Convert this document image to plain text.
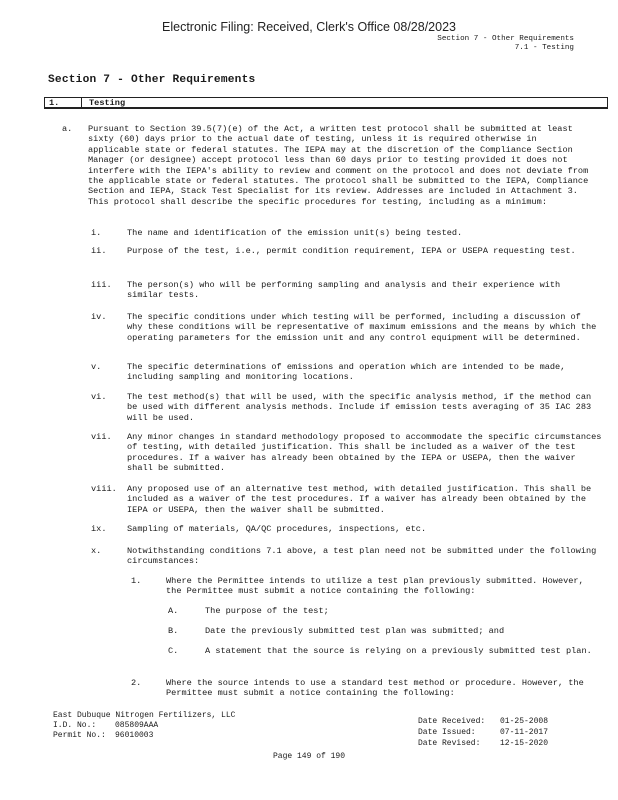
Electronic Filing: Received, Clerk's Office 08/28/2023
Section 7 - Other Requirements
7.1 - Testing
Section 7 - Other Requirements
1.	Testing
a.	Pursuant to Section 39.5(7)(e) of the Act, a written test protocol shall be submitted at least sixty (60) days prior to the actual date of testing, unless it is required otherwise in applicable state or federal statutes. The IEPA may at the discretion of the Compliance Section Manager (or designee) accept protocol less than 60 days prior to testing provided it does not interfere with the IEPA's ability to review and comment on the protocol and does not deviate from the applicable state or federal statutes. The protocol shall be submitted to the IEPA, Compliance Section and IEPA, Stack Test Specialist for its review. Addresses are included in Attachment 3. This protocol shall describe the specific procedures for testing, including as a minimum:
i.	The name and identification of the emission unit(s) being tested.
ii.	Purpose of the test, i.e., permit condition requirement, IEPA or USEPA requesting test.
iii.	The person(s) who will be performing sampling and analysis and their experience with similar tests.
iv.	The specific conditions under which testing will be performed, including a discussion of why these conditions will be representative of maximum emissions and the means by which the operating parameters for the emission unit and any control equipment will be determined.
v.	The specific determinations of emissions and operation which are intended to be made, including sampling and monitoring locations.
vi.	The test method(s) that will be used, with the specific analysis method, if the method can be used with different analysis methods. Include if emission tests averaging of 35 IAC 283 will be used.
vii.	Any minor changes in standard methodology proposed to accommodate the specific circumstances of testing, with detailed justification. This shall be included as a waiver of the test procedures. If a waiver has already been obtained by the IEPA or USEPA, then the waiver shall be submitted.
viii.	Any proposed use of an alternative test method, with detailed justification. This shall be included as a waiver of the test procedures. If a waiver has already been obtained by the IEPA or USEPA, then the waiver shall be submitted.
ix.	Sampling of materials, QA/QC procedures, inspections, etc.
x.	Notwithstanding conditions 7.1 above, a test plan need not be submitted under the following circumstances:
1.	Where the Permittee intends to utilize a test plan previously submitted. However, the Permittee must submit a notice containing the following:
A.	The purpose of the test;
B.	Date the previously submitted test plan was submitted; and
C.	A statement that the source is relying on a previously submitted test plan.
2.	Where the source intends to use a standard test method or procedure. However, the Permittee must submit a notice containing the following:
East Dubuque Nitrogen Fertilizers, LLC
I.D. No.: 085809AAA
Permit No.: 96010003
Date Received: 01-25-2008
Date Issued:	07-11-2017
Date Revised: 12-15-2020
Page 149 of 190
